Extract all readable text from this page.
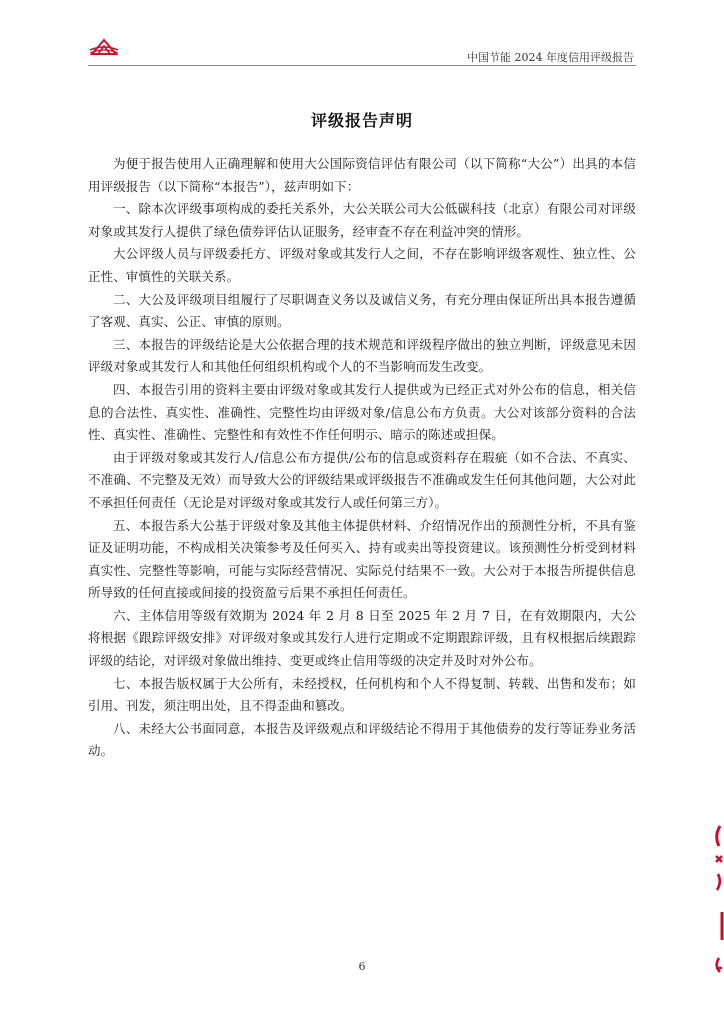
中国节能 2024 年度信用评级报告
评级报告声明

为便于报告使用人正确理解和使用大公国际资信评估有限公司（以下简称“大公”）出具的本信用评级报告（以下简称“本报告”），兹声明如下：

一、除本次评级事项构成的委托关系外，大公关联公司大公低碳科技（北京）有限公司对评级对象或其发行人提供了绿色债券评估认证服务，经审查不存在利益冲突的情形。

大公评级人员与评级委托方、评级对象或其发行人之间，不存在影响评级客观性、独立性、公正性、审慎性的关联关系。

二、大公及评级项目组履行了尽职调查义务以及诚信义务，有充分理由保证所出具本报告遵循了客观、真实、公正、审慎的原则。

三、本报告的评级结论是大公依据合理的技术规范和评级程序做出的独立判断，评级意见未因评级对象或其发行人和其他任何组织机构或个人的不当影响而发生改变。

四、本报告引用的资料主要由评级对象或其发行人提供或为已经正式对外公布的信息，相关信息的合法性、真实性、准确性、完整性均由评级对象/信息公布方负责。大公对该部分资料的合法性、真实性、准确性、完整性和有效性不作任何明示、暗示的陈述或担保。

由于评级对象或其发行人/信息公布方提供/公布的信息或资料存在瑕疵（如不合法、不真实、不准确、不完整及无效）而导致大公的评级结果或评级报告不准确或发生任何其他问题，大公对此不承担任何责任（无论是对评级对象或其发行人或任何第三方）。

五、本报告系大公基于评级对象及其他主体提供材料、介绍情况作出的预测性分析，不具有鉴证及证明功能，不构成相关决策参考及任何买入、持有或卖出等投资建议。该预测性分析受到材料真实性、完整性等影响，可能与实际经营情况、实际兑付结果不一致。大公对于本报告所提供信息所导致的任何直接或间接的投资盈亏后果不承担任何责任。

六、主体信用等级有效期为 2024 年 2 月 8 日至 2025 年 2 月 7 日，在有效期限内，大公将根据《跟踪评级安排》对评级对象或其发行人进行定期或不定期跟踪评级，且有权根据后续跟踪评级的结论，对评级对象做出维持、变更或终止信用等级的决定并及时对外公布。

七、本报告版权属于大公所有，未经授权，任何机构和个人不得复制、转载、出售和发布；如引用、刊发，须注明出处，且不得歪曲和篡改。

八、未经大公书面同意，本报告及评级观点和评级结论不得用于其他债券的发行等证券业务活动。

6
